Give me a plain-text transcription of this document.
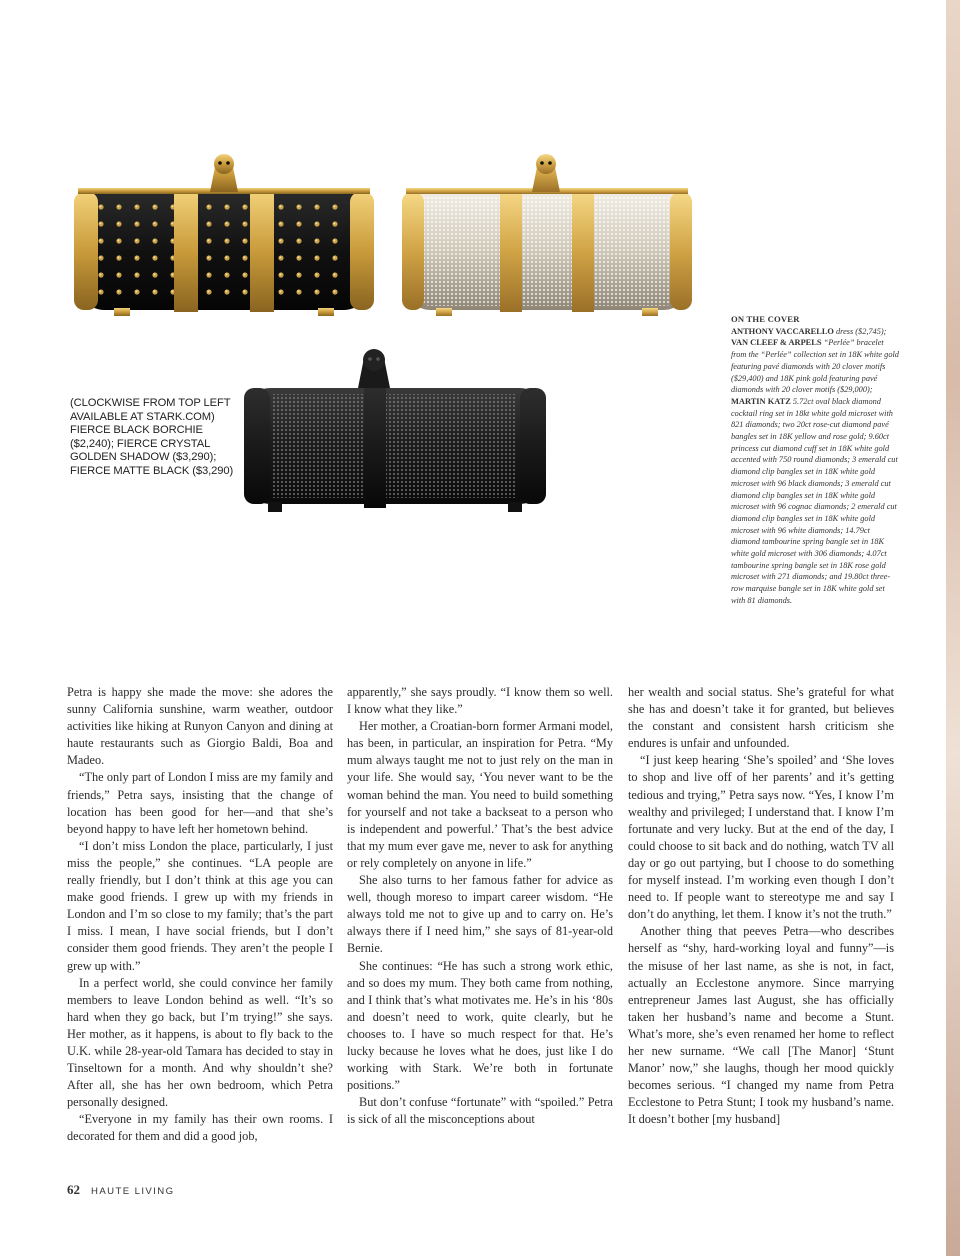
(CLOCKWISE FROM TOP LEFT
AVAILABLE AT STARK.COM)
FIERCE BLACK BORCHIE
($2,240); FIERCE CRYSTAL
GOLDEN SHADOW ($3,290);
FIERCE MATTE BLACK ($3,290)
ON THE COVER
ANTHONY VACCARELLO dress ($2,745); VAN CLEEF & ARPELS “Perlée” bracelet from the “Perlée” collection set in 18K white gold featuring pavé diamonds with 20 clover motifs ($29,400) and 18K pink gold featuring pavé diamonds with 20 clover motifs ($29,000); MARTIN KATZ 5.72ct oval black diamond cocktail ring set in 18kt white gold microset with 821 diamonds; two 20ct rose-cut diamond pavé bangles set in 18K yellow and rose gold; 9.60ct princess cut diamond cuff set in 18K white gold accented with 750 round diamonds; 3 emerald cut diamond clip bangles set in 18K white gold microset with 96 black diamonds; 3 emerald cut diamond clip bangles set in 18K white gold microset with 96 cognac diamonds; 2 emerald cut diamond clip bangles set in 18K white gold microset with 96 white diamonds; 14.79ct diamond tambourine spring bangle set in 18K white gold microset with 306 diamonds; 4.07ct tambourine spring bangle set in 18K rose gold microset with 271 diamonds; and 19.80ct three-row marquise bangle set in 18K white gold set with 81 diamonds.

Petra is happy she made the move: she adores the sunny California sunshine, warm weather, outdoor activities like hiking at Runyon Canyon and dining at haute restaurants such as Giorgio Baldi, Boa and Madeo.

“The only part of London I miss are my family and friends,” Petra says, insisting that the change of location has been good for her—and that she’s beyond happy to have left her hometown behind.

“I don’t miss London the place, particularly, I just miss the people,” she continues. “LA people are really friendly, but I don’t think at this age you can make good friends. I grew up with my friends in London and I’m so close to my family; that’s the part I miss. I mean, I have social friends, but I don’t consider them good friends. They aren’t the people I grew up with.”

In a perfect world, she could convince her family members to leave London behind as well. “It’s so hard when they go back, but I’m trying!” she says. Her mother, as it happens, is about to fly back to the U.K. while 28-year-old Tamara has decided to stay in Tinseltown for a month. And why shouldn’t she? After all, she has her own bedroom, which Petra personally designed.

“Everyone in my family has their own rooms. I decorated for them and did a good job,

apparently,” she says proudly. “I know them so well. I know what they like.”

Her mother, a Croatian-born former Armani model, has been, in particular, an inspiration for Petra. “My mum always taught me not to just rely on the man in your life. She would say, ‘You never want to be the woman behind the man. You need to build something for yourself and not take a backseat to a person who is independent and powerful.’ That’s the best advice that my mum ever gave me, never to ask for anything or rely completely on anyone in life.”

She also turns to her famous father for advice as well, though moreso to impart career wisdom. “He always told me not to give up and to carry on. He’s always there if I need him,” she says of 81-year-old Bernie.

She continues: “He has such a strong work ethic, and so does my mum. They both came from nothing, and I think that’s what motivates me. He’s in his ‘80s and doesn’t need to work, quite clearly, but he chooses to. I have so much respect for that. He’s lucky because he loves what he does, just like I do working with Stark. We’re both in fortunate positions.”

But don’t confuse “fortunate” with “spoiled.” Petra is sick of all the misconceptions about

her wealth and social status. She’s grateful for what she has and doesn’t take it for granted, but believes the constant and consistent harsh criticism she endures is unfair and unfounded.

“I just keep hearing ‘She’s spoiled’ and ‘She loves to shop and live off of her parents’ and it’s getting tedious and trying,” Petra says now. “Yes, I know I’m wealthy and privileged; I understand that. I know I’m fortunate and very lucky. But at the end of the day, I could choose to sit back and do nothing, watch TV all day or go out partying, but I choose to do something for myself instead. I’m working even though I don’t need to. If people want to stereotype me and say I don’t do anything, let them. I know it’s not the truth.”

Another thing that peeves Petra—who describes herself as “shy, hard-working loyal and funny”—is the misuse of her last name, as she is not, in fact, actually an Ecclestone anymore. Since marrying entrepreneur James last August, she has officially taken her husband’s name and become a Stunt. What’s more, she’s even renamed her home to reflect her new surname. “We call [The Manor] ‘Stunt Manor’ now,” she laughs, though her mood quickly becomes serious. “I changed my name from Petra Ecclestone to Petra Stunt; I took my husband’s name. It doesn’t bother [my husband]

62 HAUTE LIVING
